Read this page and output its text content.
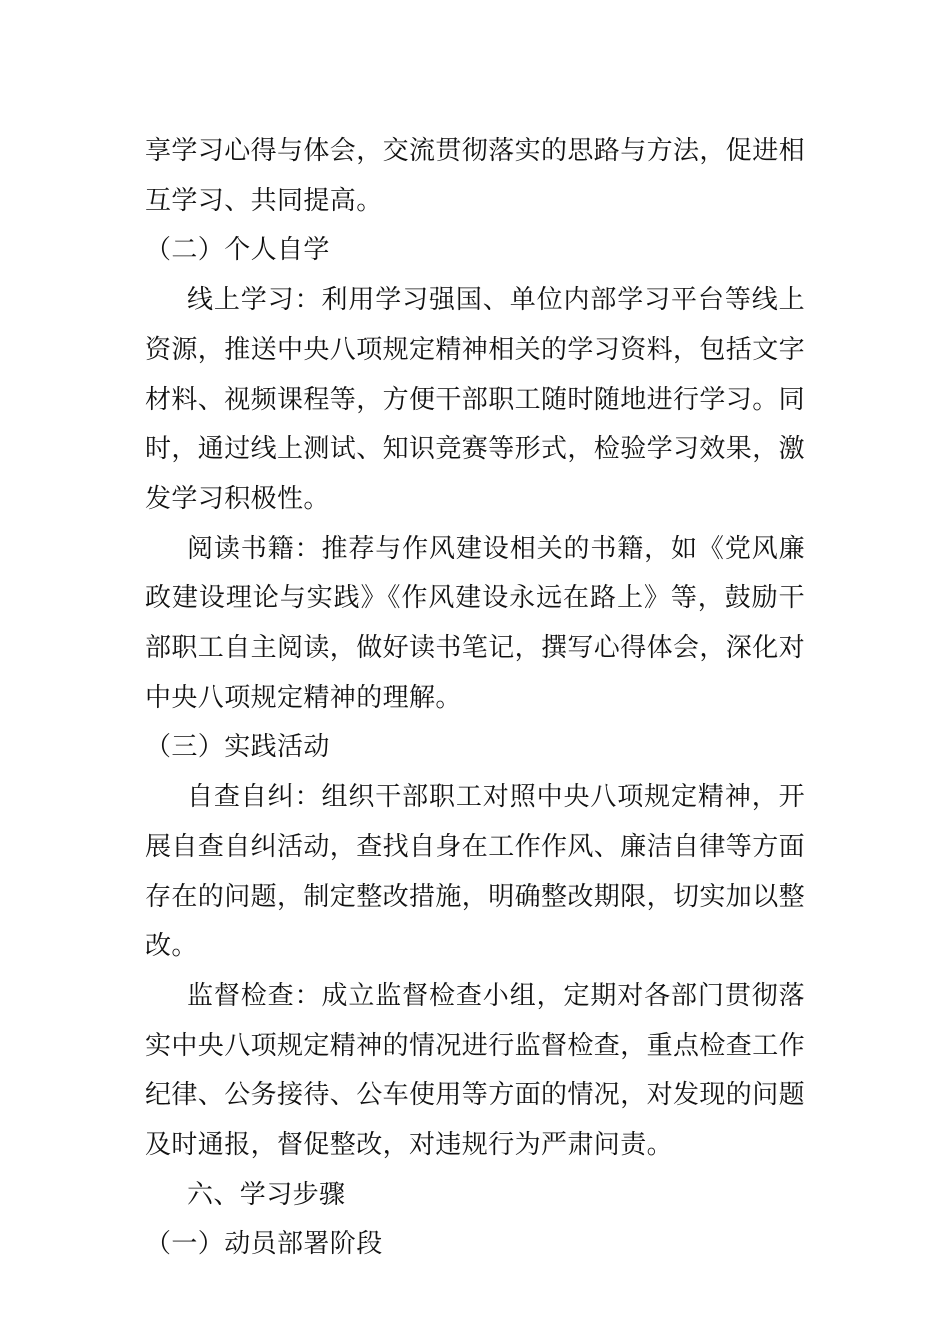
享学习心得与体会，交流贯彻落实的思路与方法，促进相互学习、共同提高。

（二）个人自学

线上学习：利用学习强国、单位内部学习平台等线上资源，推送中央八项规定精神相关的学习资料，包括文字材料、视频课程等，方便干部职工随时随地进行学习。同时，通过线上测试、知识竞赛等形式，检验学习效果，激发学习积极性。

阅读书籍：推荐与作风建设相关的书籍，如《党风廉政建设理论与实践》《作风建设永远在路上》等，鼓励干部职工自主阅读，做好读书笔记，撰写心得体会，深化对中央八项规定精神的理解。

（三）实践活动

自查自纠：组织干部职工对照中央八项规定精神，开展自查自纠活动，查找自身在工作作风、廉洁自律等方面存在的问题，制定整改措施，明确整改期限，切实加以整改。

监督检查：成立监督检查小组，定期对各部门贯彻落实中央八项规定精神的情况进行监督检查，重点检查工作纪律、公务接待、公车使用等方面的情况，对发现的问题及时通报，督促整改，对违规行为严肃问责。

六、学习步骤

（一）动员部署阶段
